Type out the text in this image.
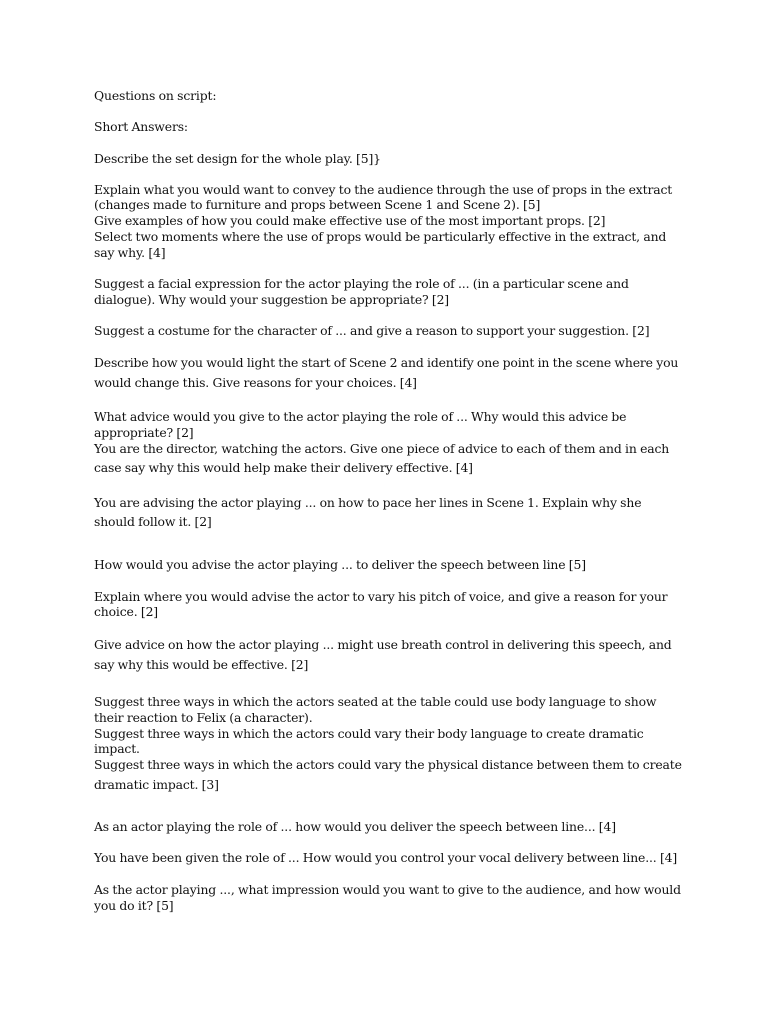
Questions on script:
Short Answers:
Describe the set design for the whole play. [5]}
Explain what you would want to convey to the audience through the use of props in the extract
(changes made to furniture and props between Scene 1 and Scene 2). [5]
Give examples of how you could make effective use of the most important props. [2]
Select two moments where the use of props would be particularly effective in the extract, and
say why. [4]
Suggest a facial expression for the actor playing the role of ... (in a particular scene and
dialogue). Why would your suggestion be appropriate? [2]
Suggest a costume for the character of ... and give a reason to support your suggestion. [2]
Describe how you would light the start of Scene 2 and identify one point in the scene where you
would change this. Give reasons for your choices. [4]
What advice would you give to the actor playing the role of ... Why would this advice be
appropriate? [2]
You are the director, watching the actors. Give one piece of advice to each of them and in each
case say why this would help make their delivery effective. [4]
You are advising the actor playing ... on how to pace her lines in Scene 1. Explain why she
should follow it. [2]
How would you advise the actor playing ... to deliver the speech between line [5]
Explain where you would advise the actor to vary his pitch of voice, and give a reason for your
choice. [2]
Give advice on how the actor playing ... might use breath control in delivering this speech, and
say why this would be effective. [2]
Suggest three ways in which the actors seated at the table could use body language to show
their reaction to Felix (a character).
Suggest three ways in which the actors could vary their body language to create dramatic
impact.
Suggest three ways in which the actors could vary the physical distance between them to create
dramatic impact. [3]
As an actor playing the role of ... how would you deliver the speech between line... [4]
You have been given the role of ... How would you control your vocal delivery between line... [4]
As the actor playing ..., what impression would you want to give to the audience, and how would
you do it? [5]
